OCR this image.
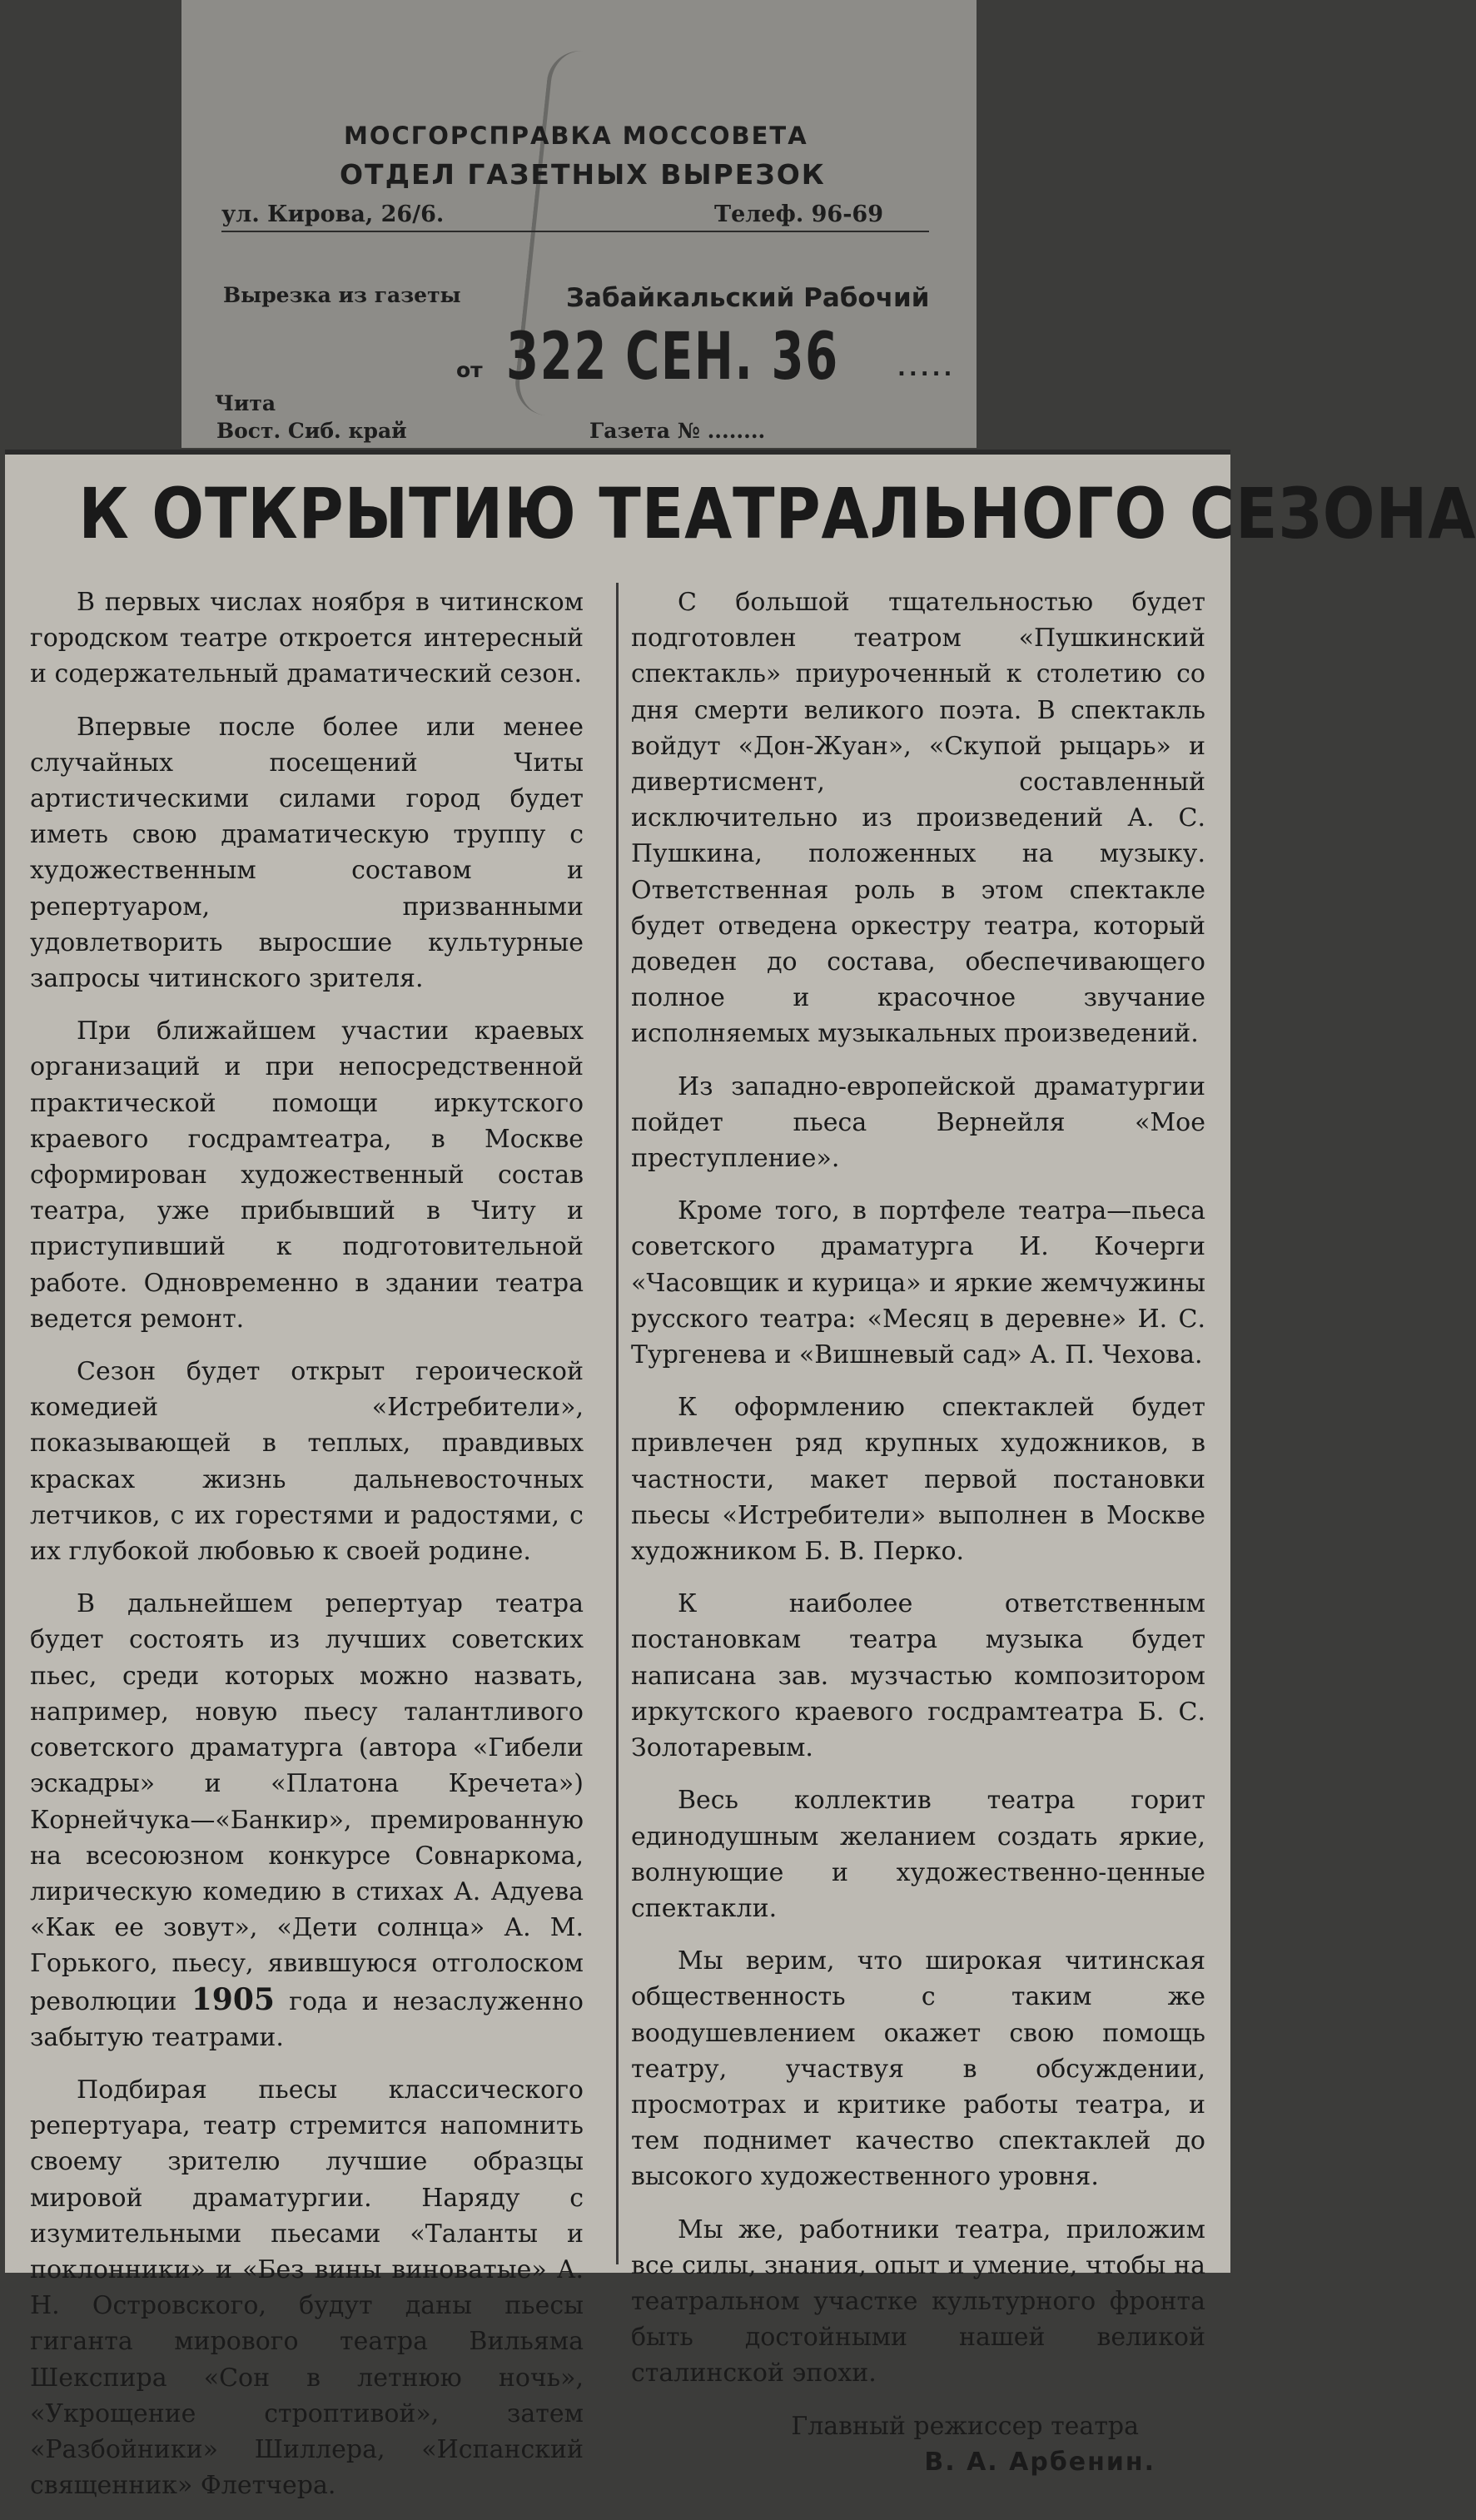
МОСГОРСПРАВКА МОССОВЕТА
ОТДЕЛ ГАЗЕТНЫХ ВЫРЕЗОК
ул. Кирова, 26/6.	Телеф. 96-69
Вырезка из газеты	Забайкальский Рабочий
от 322 СЕН. 36	.....
Чита
Вост. Сиб. край	Газета № ........
К ОТКРЫТИЮ ТЕАТРАЛЬНОГО СЕЗОНА

В первых числах ноября в читинском городском театре откроется интересный и содержательный драматический сезон.

Впервые после более или менее случайных посещений Читы артистическими силами город будет иметь свою драматическую труппу с художественным составом и репертуаром, призванными удовлетворить выросшие культурные запросы читинского зрителя.

При ближайшем участии краевых организаций и при непосредственной практической помощи иркутского краевого госдрамтеатра, в Москве сформирован художественный состав театра, уже прибывший в Читу и приступивший к подготовительной работе. Одновременно в здании театра ведется ремонт.

Сезон будет открыт героической комедией «Истребители», показывающей в теплых, правдивых красках жизнь дальневосточных летчиков, с их горестями и радостями, с их глубокой любовью к своей родине.

В дальнейшем репертуар театра будет состоять из лучших советских пьес, среди которых можно назвать, например, новую пьесу талантливого советского драматурга (автора «Гибели эскадры» и «Платона Кречета») Корнейчука—«Банкир», премированную на всесоюзном конкурсе Совнаркома, лирическую комедию в стихах А. Адуева «Как ее зовут», «Дети солнца» А. М. Горького, пьесу, явившуюся отголоском революции 1905 года и незаслуженно забытую театрами.

Подбирая пьесы классического репертуара, театр стремится напомнить своему зрителю лучшие образцы мировой драматургии. Наряду с изумительными пьесами «Таланты и поклонники» и «Без вины виноватые» А. Н. Островского, будут даны пьесы гиганта мирового театра Вильяма Шекспира «Сон в летнюю ночь», «Укрощение строптивой», затем «Разбойники» Шиллера, «Испанский священник» Флетчера.

С большой тщательностью будет подготовлен театром «Пушкинский спектакль» приуроченный к столетию со дня смерти великого поэта. В спектакль войдут «Дон-Жуан», «Скупой рыцарь» и дивертисмент, составленный исключительно из произведений А. С. Пушкина, положенных на музыку. Ответственная роль в этом спектакле будет отведена оркестру театра, который доведен до состава, обеспечивающего полное и красочное звучание исполняемых музыкальных произведений.

Из западно-европейской драматургии пойдет пьеса Вернейля «Мое преступление».

Кроме того, в портфеле театра—пьеса советского драматурга И. Кочерги «Часовщик и курица» и яркие жемчужины русского театра: «Месяц в деревне» И. С. Тургенева и «Вишневый сад» А. П. Чехова.

К оформлению спектаклей будет привлечен ряд крупных художников, в частности, макет первой постановки пьесы «Истребители» выполнен в Москве художником Б. В. Перко.

К наиболее ответственным постановкам театра музыка будет написана зав. музчастью композитором иркутского краевого госдрамтеатра Б. С. Золотаревым.

Весь коллектив театра горит единодушным желанием создать яркие, волнующие и художественно-ценные спектакли.

Мы верим, что широкая читинская общественность с таким же воодушевлением окажет свою помощь театру, участвуя в обсуждении, просмотрах и критике работы театра, и тем поднимет качество спектаклей до высокого художественного уровня.

Мы же, работники театра, приложим все силы, знания, опыт и умение, чтобы на театральном участке культурного фронта быть достойными нашей великой сталинской эпохи.

Главный режиссер театра
В. А. Арбенин.
